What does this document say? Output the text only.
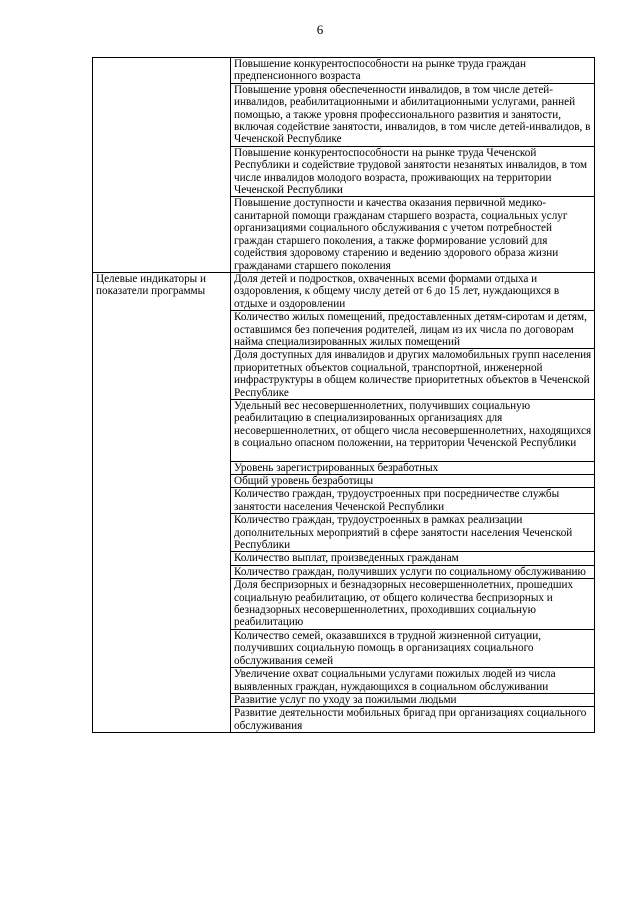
6
	Повышение конкурентоспособности на рынке труда граждан предпенсионного возраста
	Повышение уровня обеспеченности инвалидов, в том числе детей-инвалидов, реабилитационными и абилитационными услугами, ранней помощью, а также уровня профессионального развития и занятости, включая содействие занятости, инвалидов, в том числе детей-инвалидов, в Чеченской Республике
	Повышение конкурентоспособности на рынке труда Чеченской Республики и содействие трудовой занятости незанятых инвалидов, в том числе инвалидов молодого возраста, проживающих на территории Чеченской Республики
	Повышение доступности и качества оказания первичной медико-санитарной помощи гражданам старшего возраста, социальных услуг организациями социального обслуживания с учетом потребностей граждан старшего поколения, а также формирование условий для содействия здоровому старению и ведению здорового образа жизни гражданами старшего поколения
Целевые индикаторы и показатели программы	Доля детей и подростков, охваченных всеми формами отдыха и оздоровления, к общему числу детей от 6 до 15 лет, нуждающихся в отдыхе и оздоровлении
	Количество жилых помещений, предоставленных детям-сиротам и детям, оставшимся без попечения родителей, лицам из их числа по договорам найма специализированных жилых помещений
	Доля доступных для инвалидов и других маломобильных групп населения приоритетных объектов социальной, транспортной, инженерной инфраструктуры в общем количестве приоритетных объектов в Чеченской Республике
	Удельный вес несовершеннолетних, получивших социальную реабилитацию в специализированных организациях для несовершеннолетних, от общего числа несовершеннолетних, находящихся в социально опасном положении, на территории Чеченской Республики
	Уровень зарегистрированных безработных
	Общий уровень безработицы
	Количество граждан, трудоустроенных при посредничестве службы занятости населения Чеченской Республики
	Количество граждан, трудоустроенных в рамках реализации дополнительных мероприятий в сфере занятости населения Чеченской Республики
	Количество выплат, произведенных гражданам
	Количество граждан, получивших услуги по социальному обслуживанию
	Доля беспризорных и безнадзорных несовершеннолетних, прошедших социальную реабилитацию, от общего количества беспризорных и безнадзорных несовершеннолетних, проходивших социальную реабилитацию
	Количество семей, оказавшихся в трудной жизненной ситуации, получивших социальную помощь в организациях социального обслуживания семей
	Увеличение охват социальными услугами пожилых людей из числа выявленных граждан, нуждающихся в социальном обслуживании
	Развитие услуг по уходу за пожилыми людьми
	Развитие деятельности мобильных бригад при организациях социального обслуживания
